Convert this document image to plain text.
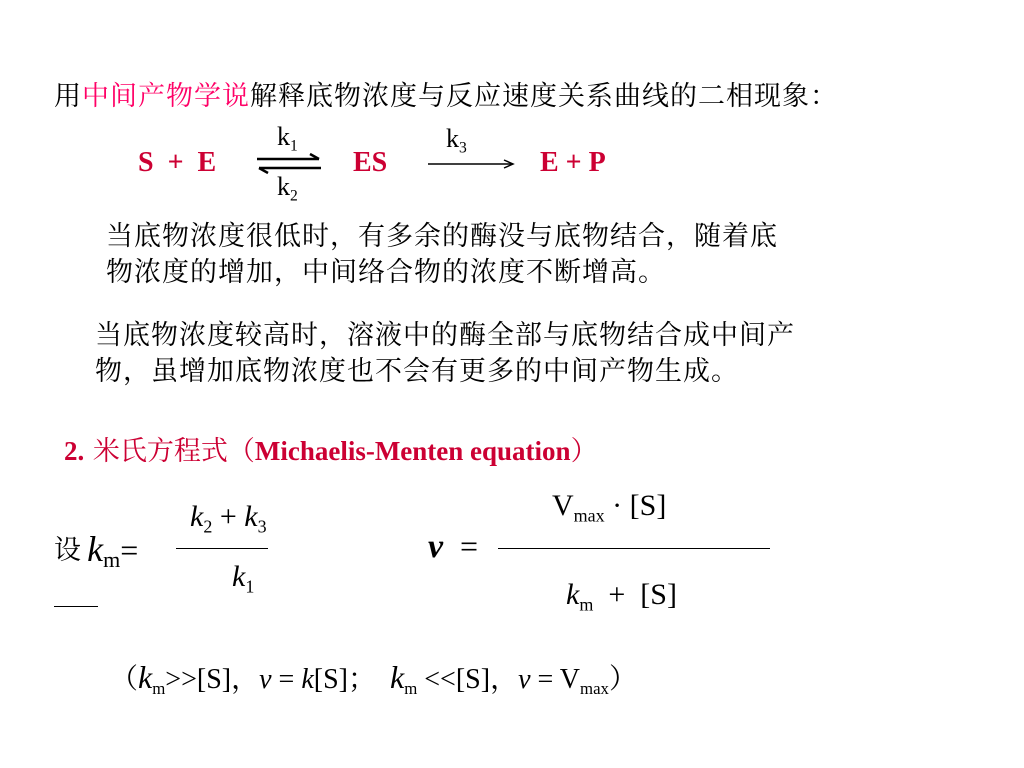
用中间产物学说解释底物浓度与反应速度关系曲线的二相现象：
S + E
$k_1$
$k_2$
ES
$k_3$	E + P
当底物浓度很低时，有多余的酶没与底物结合，随着底
物浓度的增加，中间络合物的浓度不断增高。
当底物浓度较高时，溶液中的酶全部与底物结合成中间产
物，虽增加底物浓度也不会有更多的中间产物生成。
2. 米氏方程式（Michaelis-Menten equation）
设 km=
$k_2 + k_3$
$k_1$
v =
$V_{max} \cdot [S]$
$k_m + [S]$
（$k_m>>[S]$，v = k[S]； $k_m <<[S]$，$v = V_{max}$）
